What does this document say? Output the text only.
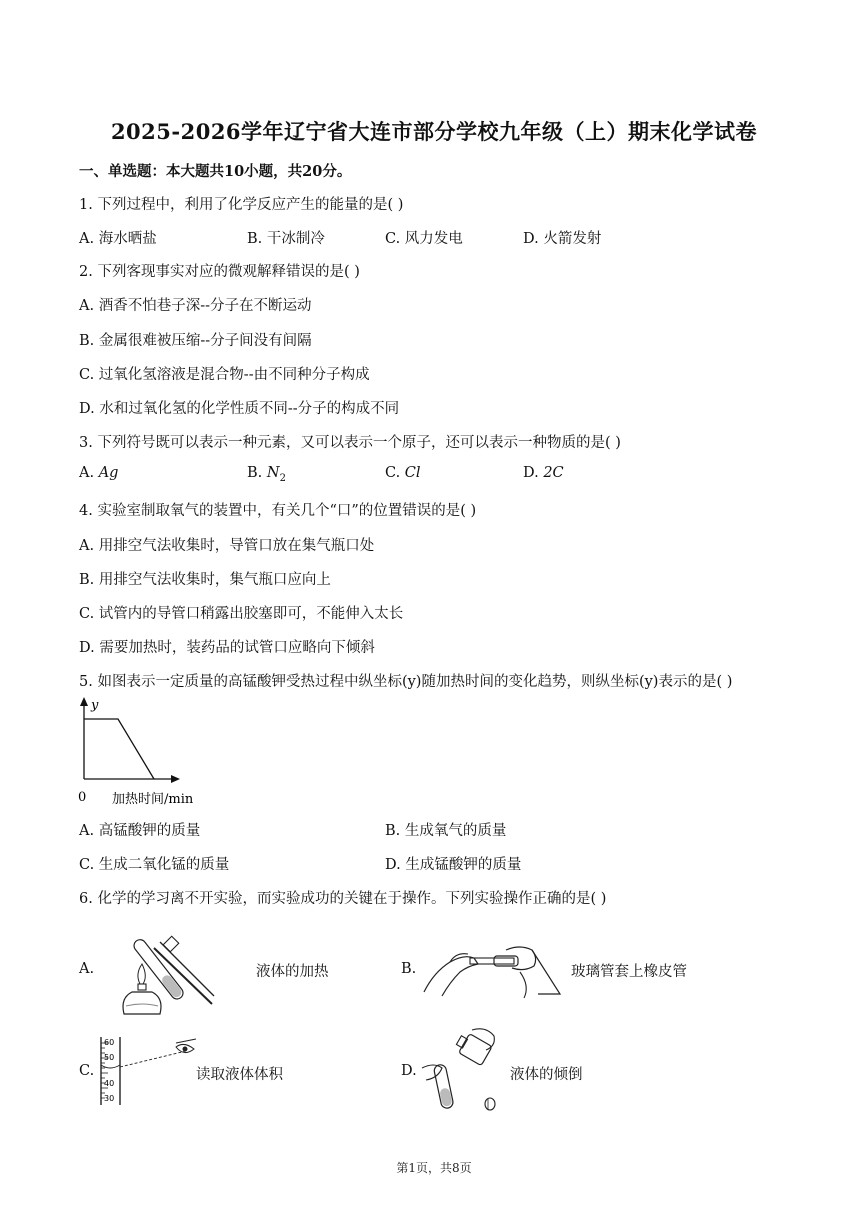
2025-2026学年辽宁省大连市部分学校九年级（上）期末化学试卷
一、单选题：本大题共10小题，共20分。
1. 下列过程中，利用了化学反应产生的能量的是( )
A. 海水晒盐	B. 干冰制冷	C. 风力发电	D. 火箭发射
2. 下列客现事实对应的微观解释错误的是( )
A. 酒香不怕巷子深--分子在不断运动
B. 金属很难被压缩--分子间没有间隔
C. 过氧化氢溶液是混合物--由不同种分子构成
D. 水和过氧化氢的化学性质不同--分子的构成不同
3. 下列符号既可以表示一种元素，又可以表示一个原子，还可以表示一种物质的是( )
A. Ag	B. $N_2$	C. Cl	D. 2C
4. 实验室制取氧气的装置中，有关几个“口”的位置错误的是( )
A. 用排空气法收集时，导管口放在集气瓶口处
B. 用排空气法收集时，集气瓶口应向上
C. 试管内的导管口稍露出胶塞即可，不能伸入太长
D. 需要加热时，装药品的试管口应略向下倾斜
5. 如图表示一定质量的高锰酸钾受热过程中纵坐标(y)随加热时间的变化趋势，则纵坐标(y)表示的是( )
y
0 加热时间/min
A. 高锰酸钾的质量	B. 生成氧气的质量
C. 生成二氧化锰的质量	D. 生成锰酸钾的质量
6. 化学的学习离不开实验，而实验成功的关键在于操作。下列实验操作正确的是( )
A.	液体的加热	B.	玻璃管套上橡皮管
C.
60
50
40
30
读取液体体积	D.	液体的倾倒
第1页，共8页
